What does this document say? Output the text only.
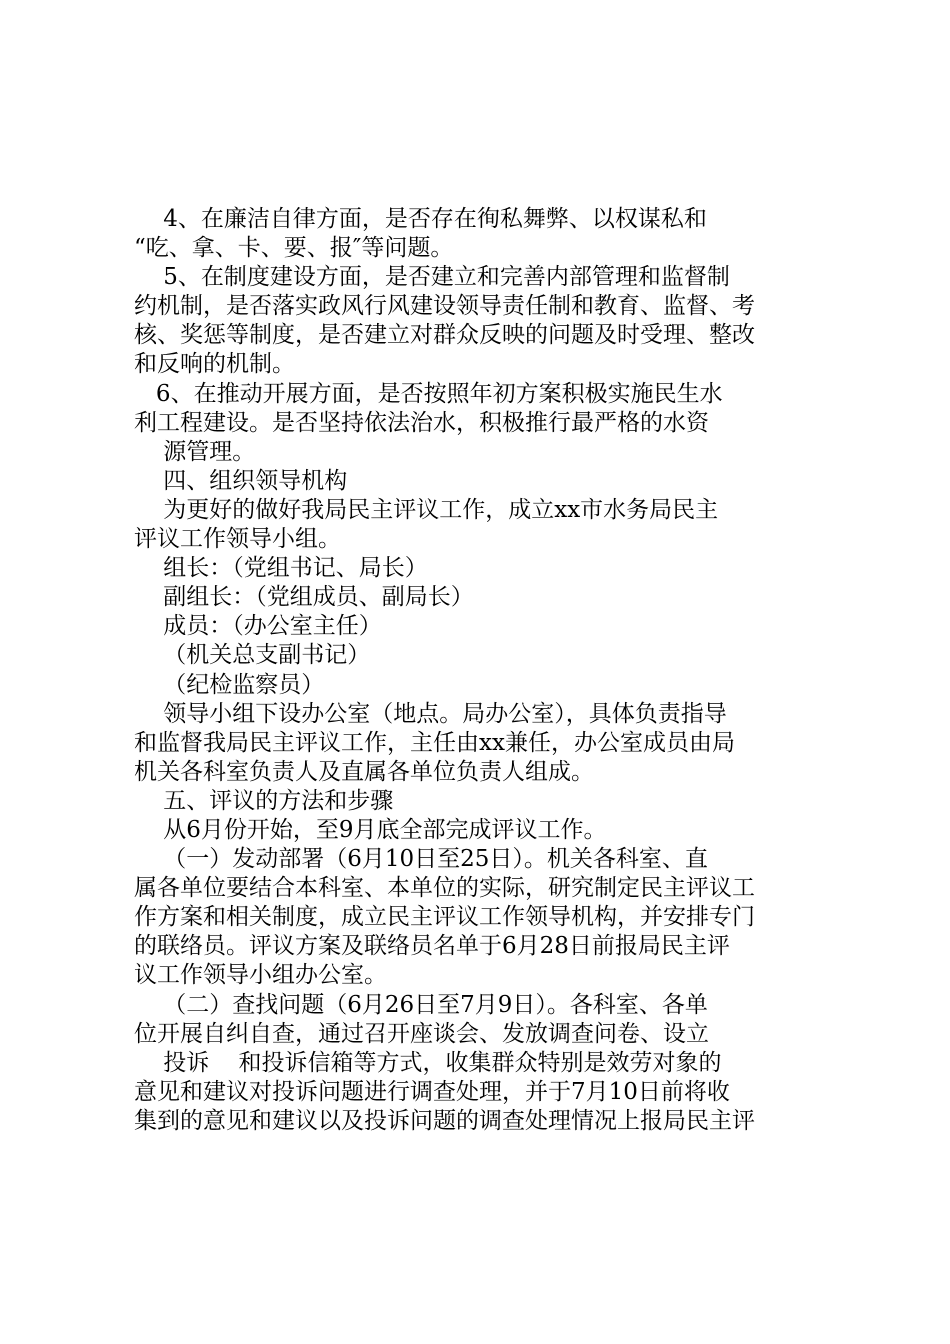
4、在廉洁自律方面，是否存在徇私舞弊、以权谋私和
“吃、拿、卡、要、报″等问题。
5、在制度建设方面，是否建立和完善内部管理和监督制
约机制，是否落实政风行风建设领导责任制和教育、监督、考
核、奖惩等制度，是否建立对群众反映的问题及时受理、整改
和反响的机制。
6、在推动开展方面，是否按照年初方案积极实施民生水
利工程建设。是否坚持依法治水，积极推行最严格的水资
源管理。
四、组织领导机构
为更好的做好我局民主评议工作，成立xx市水务局民主
评议工作领导小组。
组长：（党组书记、局长）
副组长：（党组成员、副局长）
成员：（办公室主任）
（机关总支副书记）
（纪检监察员）
领导小组下设办公室（地点。局办公室），具体负责指导
和监督我局民主评议工作，主任由xx兼任，办公室成员由局
机关各科室负责人及直属各单位负责人组成。
五、评议的方法和步骤
从6月份开始，至9月底全部完成评议工作。
（一）发动部署（6月10日至25日）。机关各科室、直
属各单位要结合本科室、本单位的实际，研究制定民主评议工
作方案和相关制度，成立民主评议工作领导机构，并安排专门
的联络员。评议方案及联络员名单于6月28日前报局民主评
议工作领导小组办公室。
（二）查找问题（6月26日至7月9日）。各科室、各单
位开展自纠自查，通过召开座谈会、发放调查问卷、设立
投诉    和投诉信箱等方式，收集群众特别是效劳对象的
意见和建议对投诉问题进行调查处理，并于7月10日前将收
集到的意见和建议以及投诉问题的调查处理情况上报局民主评
